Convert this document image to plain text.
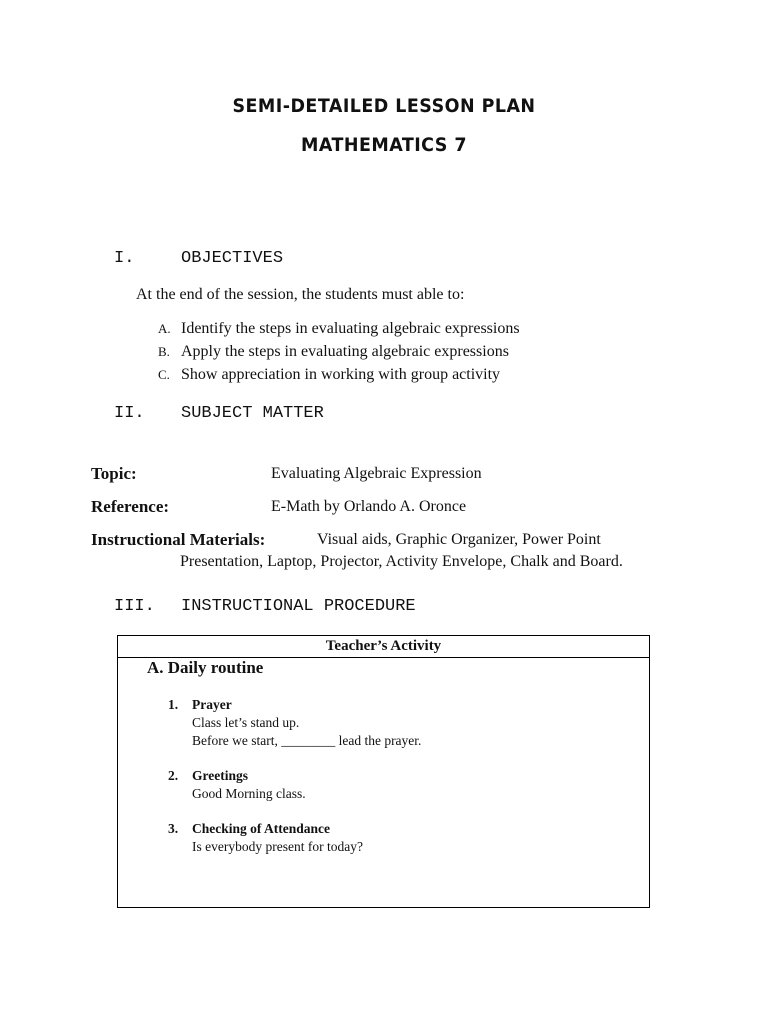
SEMI-DETAILED LESSON PLAN
MATHEMATICS 7
I.	OBJECTIVES
At the end of the session, the students must able to:
A. Identify the steps in evaluating algebraic expressions
B. Apply the steps in evaluating algebraic expressions
C. Show appreciation in working with group activity
II. SUBJECT MATTER
Topic:	Evaluating Algebraic Expression
Reference:	E-Math by Orlando A. Oronce
Instructional Materials:	Visual aids, Graphic Organizer, Power Point
Presentation, Laptop, Projector, Activity Envelope, Chalk and Board.
III. INSTRUCTIONAL PROCEDURE
Teacher’s Activity
A. Daily routine
1. Prayer
Class let’s stand up.
Before we start, ________ lead the prayer.
2. Greetings
Good Morning class.
3. Checking of Attendance
Is everybody present for today?
